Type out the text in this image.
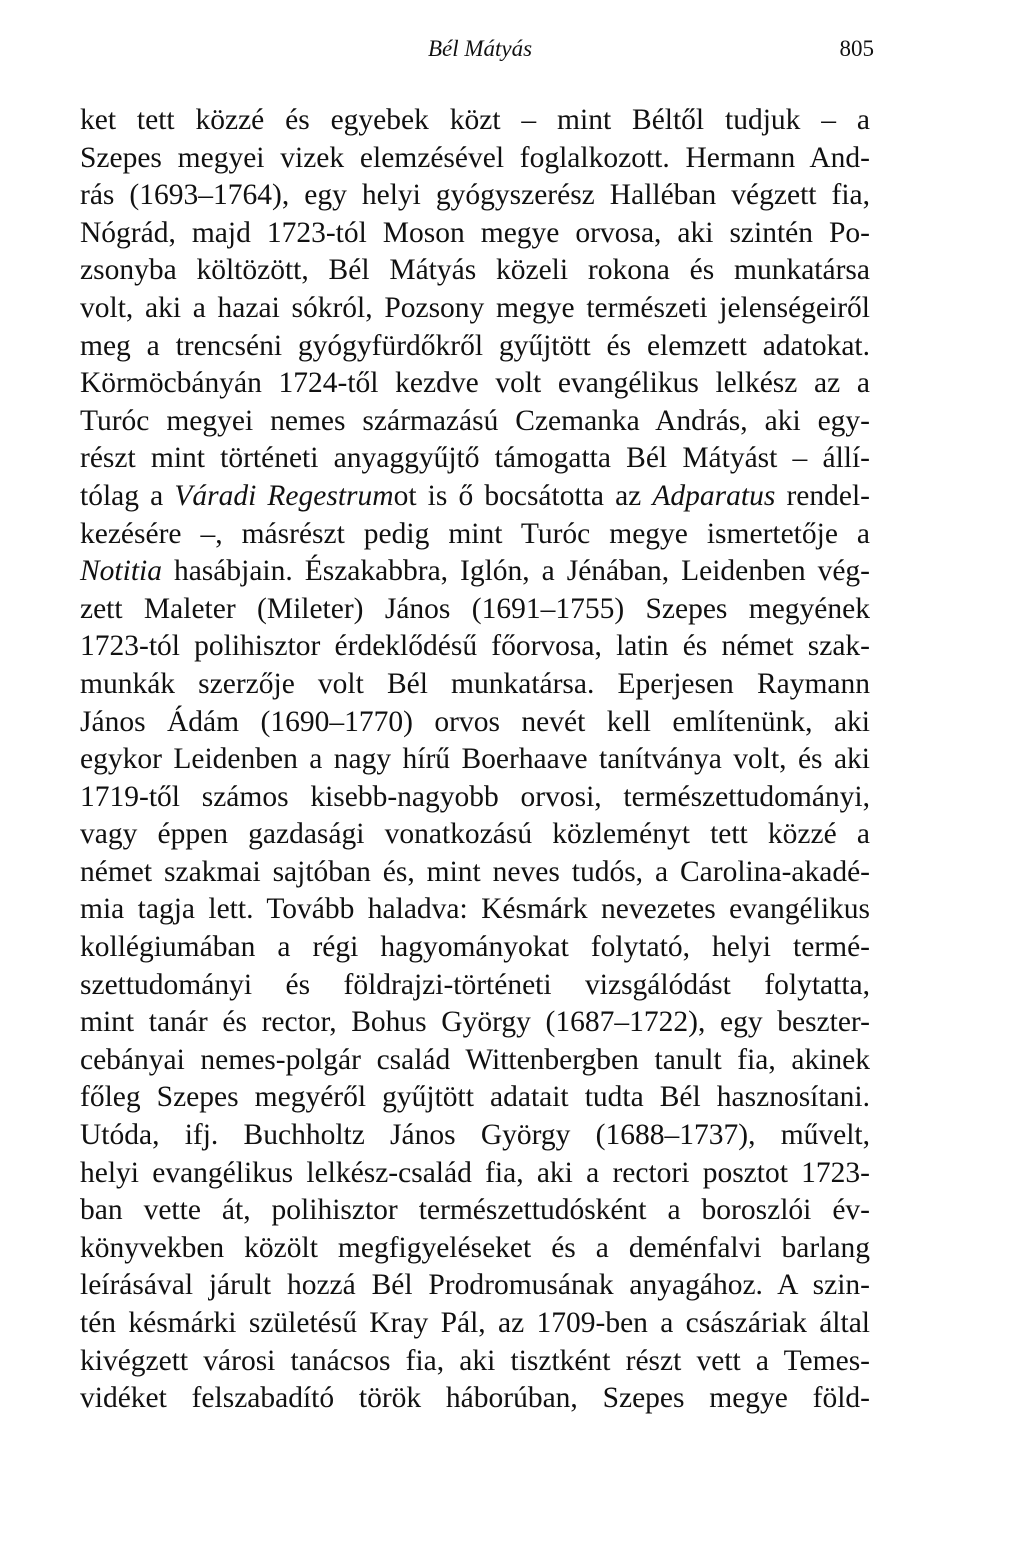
Bél Mátyás	805
ket tett közzé és egyebek közt – mint Béltől tudjuk – a
Szepes megyei vizek elemzésével foglalkozott. Hermann And-
rás (1693–1764), egy helyi gyógyszerész Halléban végzett fia,
Nógrád, majd 1723-tól Moson megye orvosa, aki szintén Po-
zsonyba költözött, Bél Mátyás közeli rokona és munkatársa
volt, aki a hazai sókról, Pozsony megye természeti jelenségeiről
meg a trencséni gyógyfürdőkről gyűjtött és elemzett adatokat.
Körmöcbányán 1724-től kezdve volt evangélikus lelkész az a
Turóc megyei nemes származású Czemanka András, aki egy-
részt mint történeti anyaggyűjtő támogatta Bél Mátyást – állí-
tólag a Váradi Regestrumot is ő bocsátotta az Adparatus rendel-
kezésére –, másrészt pedig mint Turóc megye ismertetője a
Notitia hasábjain. Északabbra, Iglón, a Jénában, Leidenben vég-
zett Maleter (Mileter) János (1691–1755) Szepes megyének
1723-tól polihisztor érdeklődésű főorvosa, latin és német szak-
munkák szerzője volt Bél munkatársa. Eperjesen Raymann
János Ádám (1690–1770) orvos nevét kell említenünk, aki
egykor Leidenben a nagy hírű Boerhaave tanítványa volt, és aki
1719-től számos kisebb-nagyobb orvosi, természettudományi,
vagy éppen gazdasági vonatkozású közleményt tett közzé a
német szakmai sajtóban és, mint neves tudós, a Carolina-akadé-
mia tagja lett. Tovább haladva: Késmárk nevezetes evangélikus
kollégiumában a régi hagyományokat folytató, helyi termé-
szettudományi és földrajzi-történeti vizsgálódást folytatta,
mint tanár és rector, Bohus György (1687–1722), egy beszter-
cebányai nemes-polgár család Wittenbergben tanult fia, akinek
főleg Szepes megyéről gyűjtött adatait tudta Bél hasznosítani.
Utóda, ifj. Buchholtz János György (1688–1737), művelt,
helyi evangélikus lelkész-család fia, aki a rectori posztot 1723-
ban vette át, polihisztor természettudósként a boroszlói év-
könyvekben közölt megfigyeléseket és a deménfalvi barlang
leírásával járult hozzá Bél Prodromusának anyagához. A szin-
tén késmárki születésű Kray Pál, az 1709-ben a császáriak által
kivégzett városi tanácsos fia, aki tisztként részt vett a Temes-
vidéket felszabadító török háborúban, Szepes megye föld-
